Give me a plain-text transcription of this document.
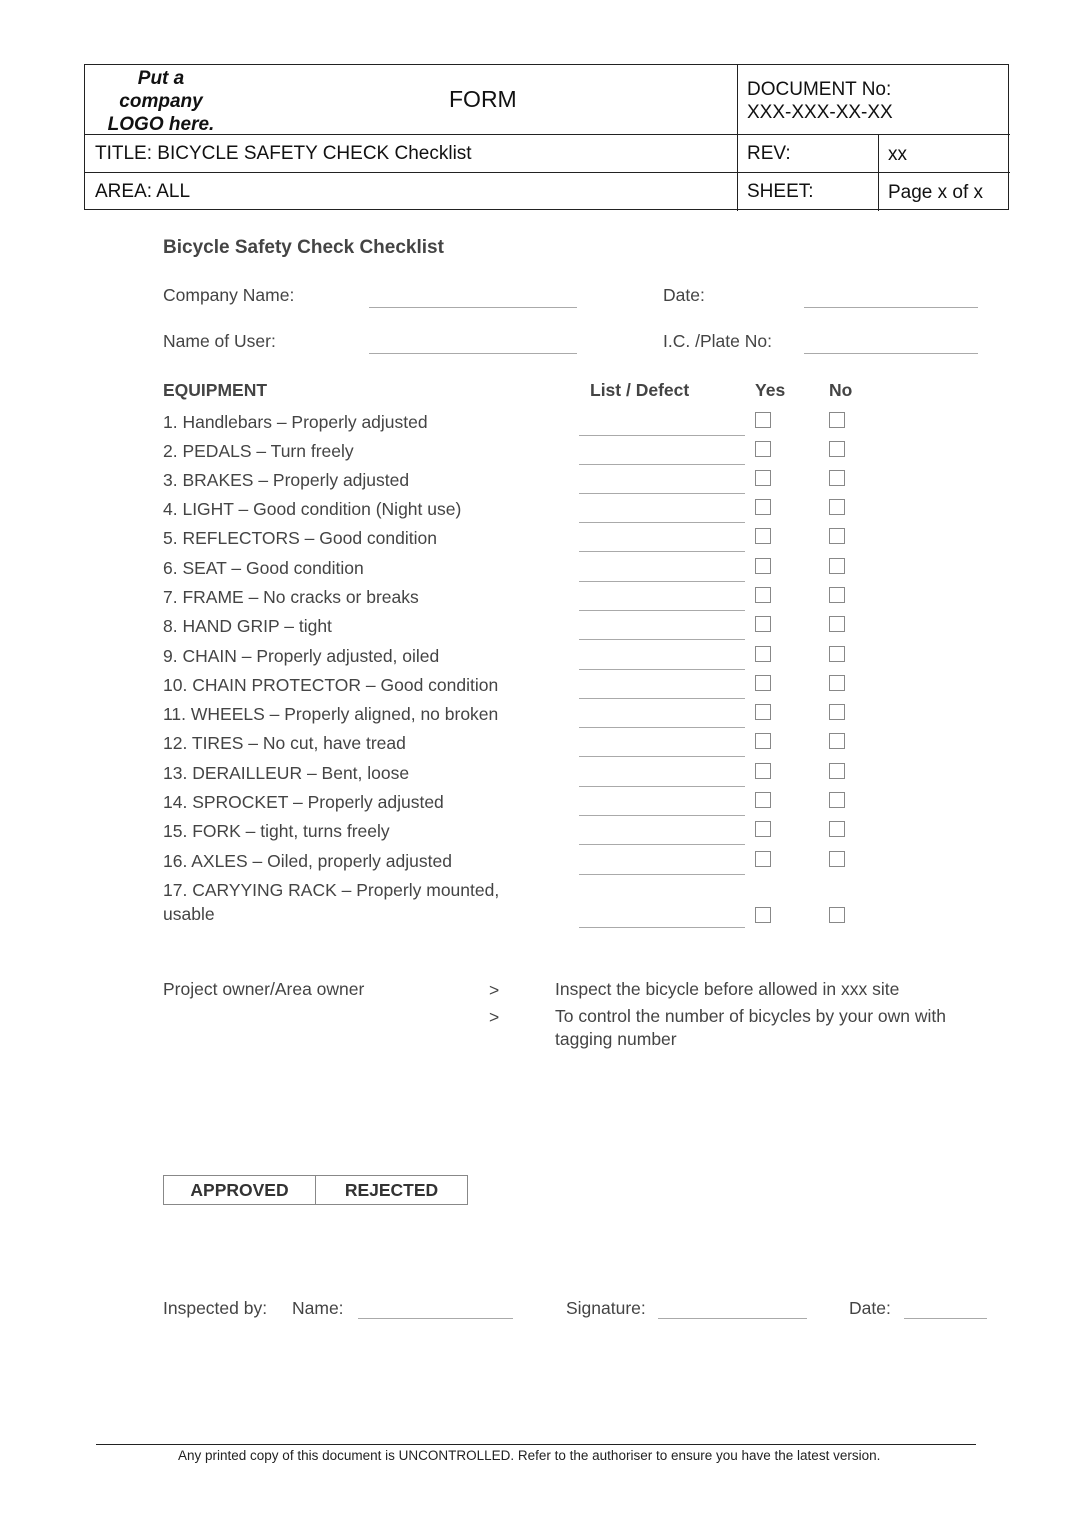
Put a
company
LOGO here.
FORM	DOCUMENT No:
XXX-XXX-XX-XX
TITLE: BICYCLE SAFETY CHECK Checklist	REV:	xx
AREA: ALL	SHEET:	Page x of x
Bicycle Safety Check Checklist
Company Name:	Date:
Name of User:	I.C. /Plate No:
EQUIPMENT	List / Defect	Yes	No
1. Handlebars – Properly adjusted
2. PEDALS – Turn freely
3. BRAKES – Properly adjusted
4. LIGHT – Good condition (Night use)
5. REFLECTORS – Good condition
6. SEAT – Good condition
7. FRAME – No cracks or breaks
8. HAND GRIP – tight
9. CHAIN – Properly adjusted, oiled
10. CHAIN PROTECTOR – Good condition
11. WHEELS – Properly aligned, no broken
12. TIRES – No cut, have tread
13. DERAILLEUR – Bent, loose
14. SPROCKET – Properly adjusted
15. FORK – tight, turns freely
16. AXLES – Oiled, properly adjusted
17. CARYYING RACK – Properly mounted,
usable
Project owner/Area owner	>	Inspect the bicycle before allowed in xxx site
>	To control the number of bicycles by your own with
tagging number
APPROVED	REJECTED
Inspected by: Name:	Signature:	Date:
Any printed copy of this document is UNCONTROLLED. Refer to the authoriser to ensure you have the latest version.
